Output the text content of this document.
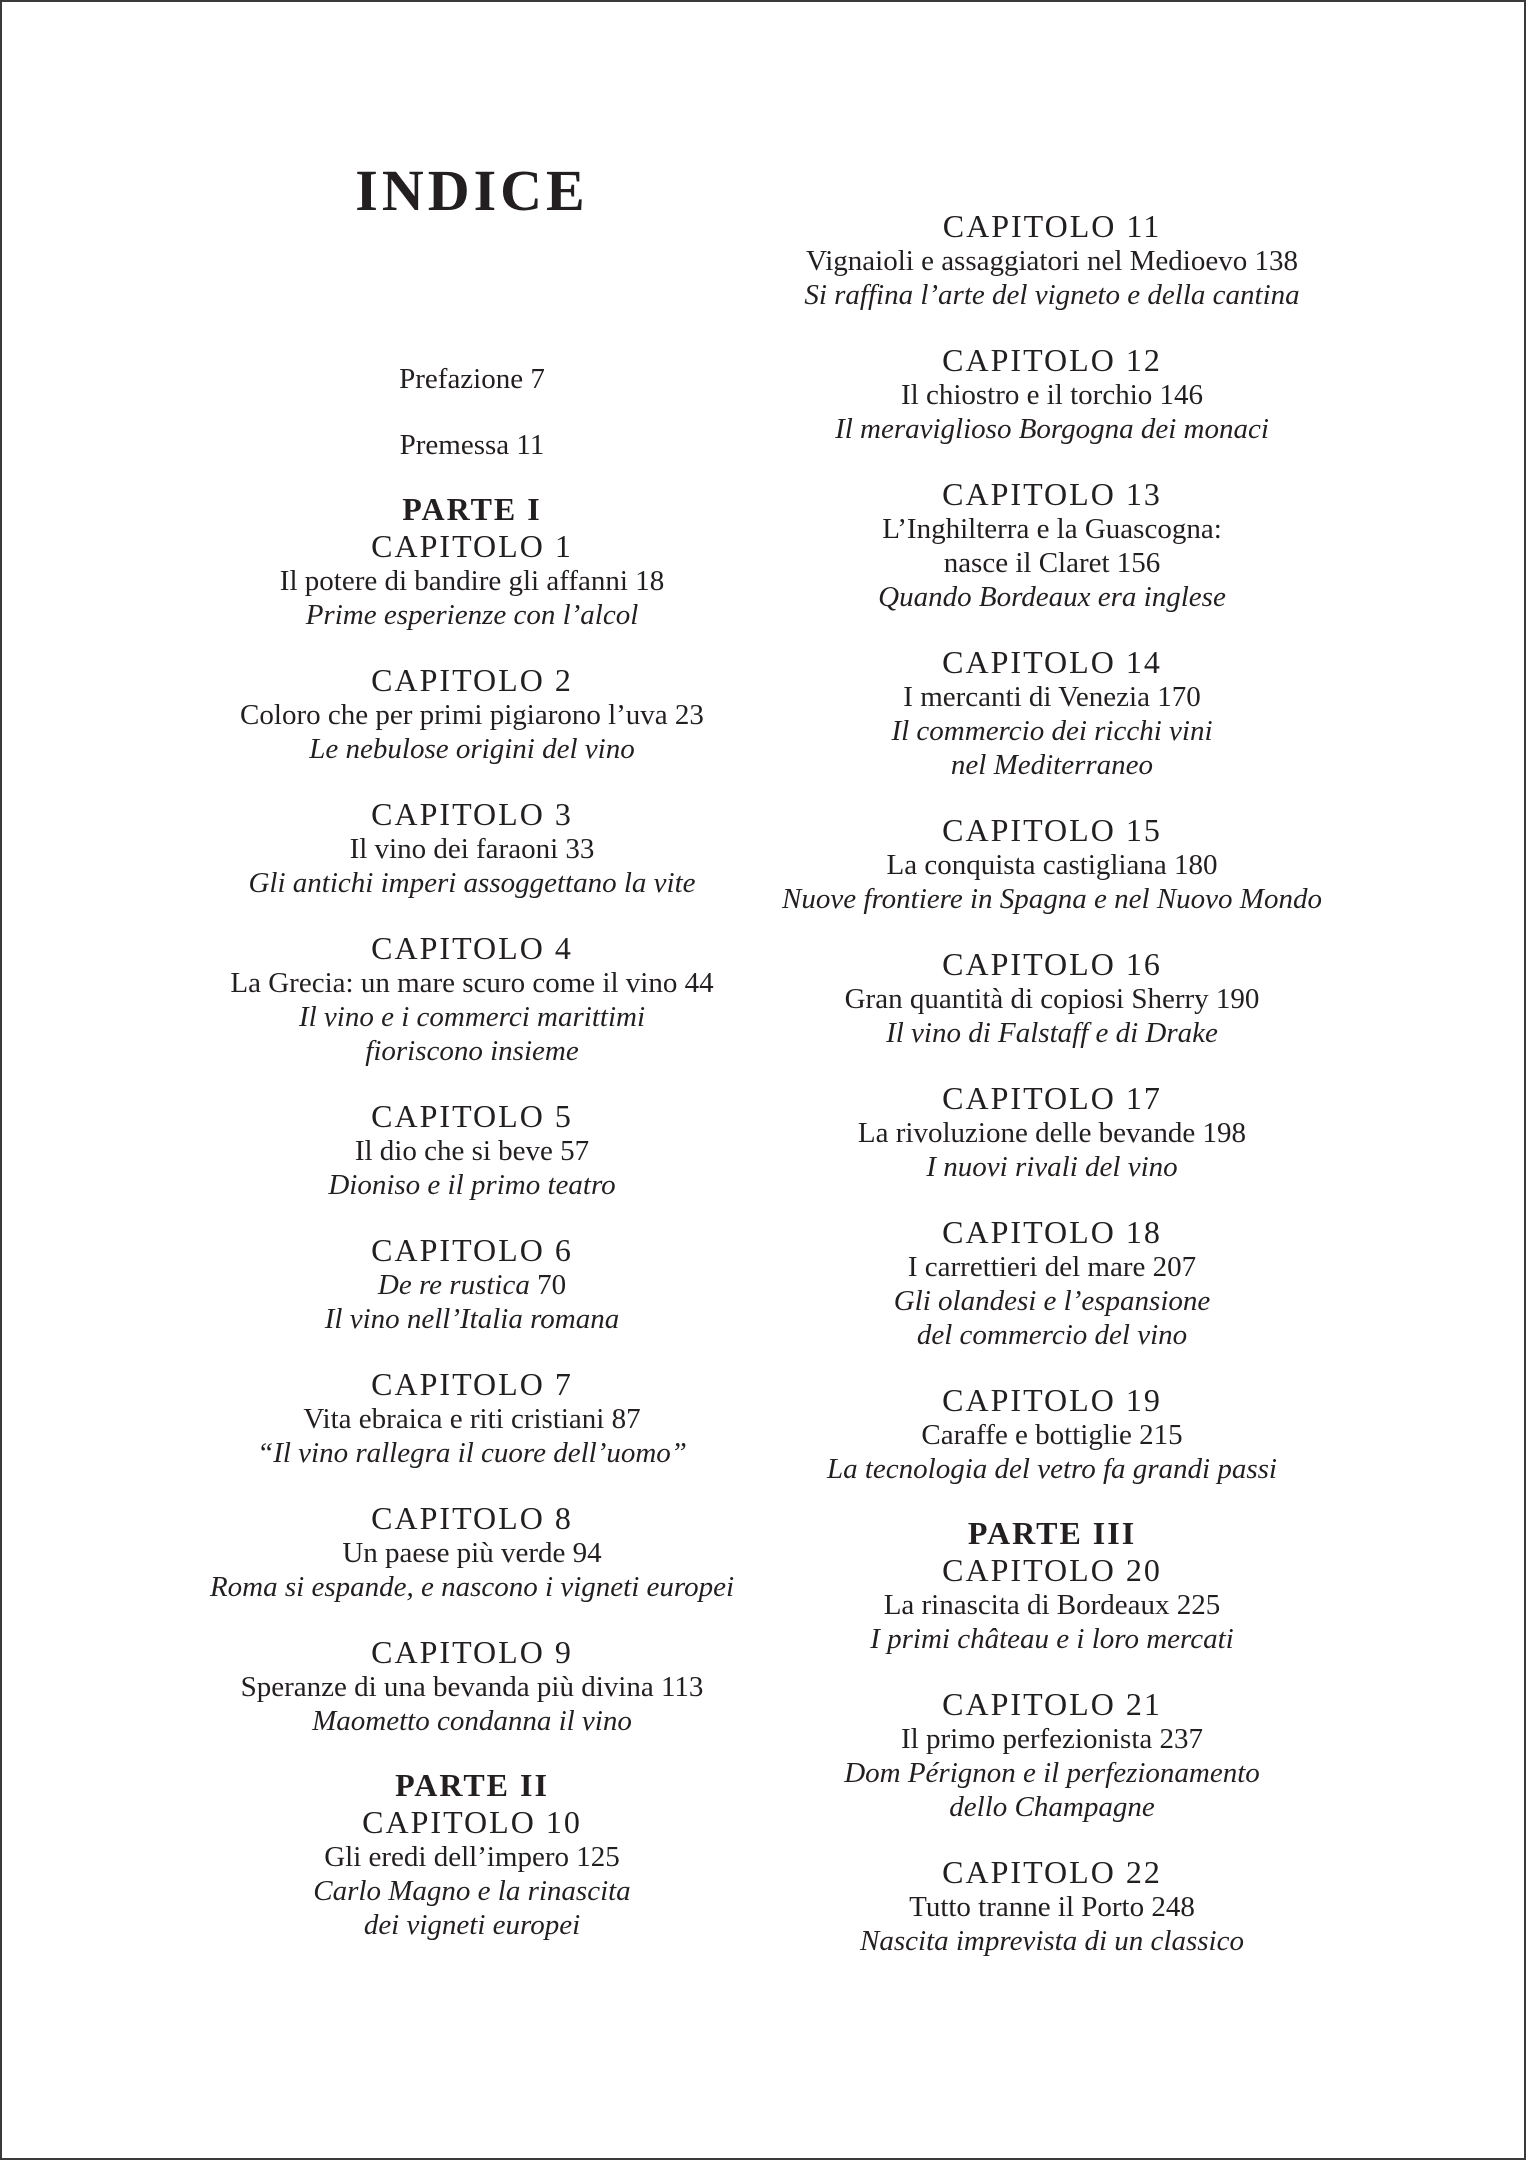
INDICE
Prefazione 7
Premessa 11
PARTE I
CAPITOLO 1
Il potere di bandire gli affanni 18
Prime esperienze con l’alcol
CAPITOLO 2
Coloro che per primi pigiarono l’uva 23
Le nebulose origini del vino
CAPITOLO 3
Il vino dei faraoni 33
Gli antichi imperi assoggettano la vite
CAPITOLO 4
La Grecia: un mare scuro come il vino 44
Il vino e i commerci marittimi
fioriscono insieme
CAPITOLO 5
Il dio che si beve 57
Dioniso e il primo teatro
CAPITOLO 6
De re rustica 70
Il vino nell’Italia romana
CAPITOLO 7
Vita ebraica e riti cristiani 87
“Il vino rallegra il cuore dell’uomo”
CAPITOLO 8
Un paese più verde 94
Roma si espande, e nascono i vigneti europei
CAPITOLO 9
Speranze di una bevanda più divina 113
Maometto condanna il vino
PARTE II
CAPITOLO 10
Gli eredi dell’impero 125
Carlo Magno e la rinascita
dei vigneti europei
CAPITOLO 11
Vignaioli e assaggiatori nel Medioevo 138
Si raffina l’arte del vigneto e della cantina
CAPITOLO 12
Il chiostro e il torchio 146
Il meraviglioso Borgogna dei monaci
CAPITOLO 13
L’Inghilterra e la Guascogna:
nasce il Claret 156
Quando Bordeaux era inglese
CAPITOLO 14
I mercanti di Venezia 170
Il commercio dei ricchi vini
nel Mediterraneo
CAPITOLO 15
La conquista castigliana 180
Nuove frontiere in Spagna e nel Nuovo Mondo
CAPITOLO 16
Gran quantità di copiosi Sherry 190
Il vino di Falstaff e di Drake
CAPITOLO 17
La rivoluzione delle bevande 198
I nuovi rivali del vino
CAPITOLO 18
I carrettieri del mare 207
Gli olandesi e l’espansione
del commercio del vino
CAPITOLO 19
Caraffe e bottiglie 215
La tecnologia del vetro fa grandi passi
PARTE III
CAPITOLO 20
La rinascita di Bordeaux 225
I primi château e i loro mercati
CAPITOLO 21
Il primo perfezionista 237
Dom Pérignon e il perfezionamento
dello Champagne
CAPITOLO 22
Tutto tranne il Porto 248
Nascita imprevista di un classico
